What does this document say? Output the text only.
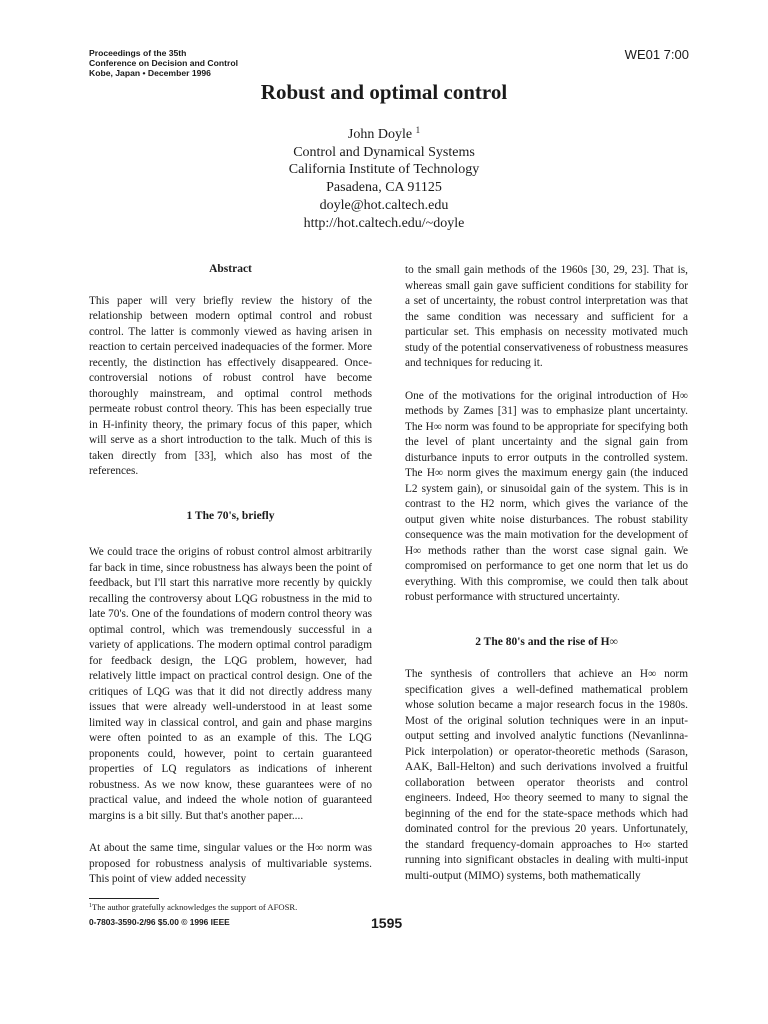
Proceedings of the 35th
Conference on Decision and Control
Kobe, Japan • December 1996
WE01 7:00
Robust and optimal control
John Doyle $^1$
Control and Dynamical Systems
California Institute of Technology
Pasadena, CA 91125
doyle@hot.caltech.edu
http://hot.caltech.edu/~doyle
Abstract

This paper will very briefly review the history of the relationship between modern optimal control and robust control. The latter is commonly viewed as having arisen in reaction to certain perceived inadequacies of the former. More recently, the distinction has effectively disappeared. Once-controversial notions of robust control have become thoroughly mainstream, and optimal control methods permeate robust control theory. This has been especially true in H-infinity theory, the primary focus of this paper, which will serve as a short introduction to the talk. Much of this is taken directly from [33], which also has most of the references.

1 The 70's, briefly

We could trace the origins of robust control almost arbitrarily far back in time, since robustness has always been the point of feedback, but I'll start this narrative more recently by quickly recalling the controversy about LQG robustness in the mid to late 70's. One of the foundations of modern control theory was optimal control, which was tremendously successful in a variety of applications. The modern optimal control paradigm for feedback design, the LQG problem, however, had relatively little impact on practical control design. One of the critiques of LQG was that it did not directly address many issues that were already well-understood in at least some limited way in classical control, and gain and phase margins were often pointed to as an example of this. The LQG proponents could, however, point to certain guaranteed properties of LQ regulators as indications of inherent robustness. As we now know, these guarantees were of no practical value, and indeed the whole notion of guaranteed margins is a bit silly. But that's another paper....

At about the same time, singular values or the H∞ norm was proposed for robustness analysis of multivariable systems. This point of view added necessity

to the small gain methods of the 1960s [30, 29, 23]. That is, whereas small gain gave sufficient conditions for stability for a set of uncertainty, the robust control interpretation was that the same condition was necessary and sufficient for a particular set. This emphasis on necessity motivated much study of the potential conservativeness of robustness measures and techniques for reducing it.

One of the motivations for the original introduction of H∞ methods by Zames [31] was to emphasize plant uncertainty. The H∞ norm was found to be appropriate for specifying both the level of plant uncertainty and the signal gain from disturbance inputs to error outputs in the controlled system. The H∞ norm gives the maximum energy gain (the induced L2 system gain), or sinusoidal gain of the system. This is in contrast to the H2 norm, which gives the variance of the output given white noise disturbances. The robust stability consequence was the main motivation for the development of H∞ methods rather than the worst case signal gain. We compromised on performance to get one norm that let us do everything. With this compromise, we could then talk about robust performance with structured uncertainty.

2 The 80's and the rise of H∞

The synthesis of controllers that achieve an H∞ norm specification gives a well-defined mathematical problem whose solution became a major research focus in the 1980s. Most of the original solution techniques were in an input-output setting and involved analytic functions (Nevanlinna-Pick interpolation) or operator-theoretic methods (Sarason, AAK, Ball-Helton) and such derivations involved a fruitful collaboration between operator theorists and control engineers. Indeed, H∞ theory seemed to many to signal the beginning of the end for the state-space methods which had dominated control for the previous 20 years. Unfortunately, the standard frequency-domain approaches to H∞ started running into significant obstacles in dealing with multi-input multi-output (MIMO) systems, both mathematically

$^1$The author gratefully acknowledges the support of AFOSR.
0-7803-3590-2/96 $5.00 © 1996 IEEE	1595
